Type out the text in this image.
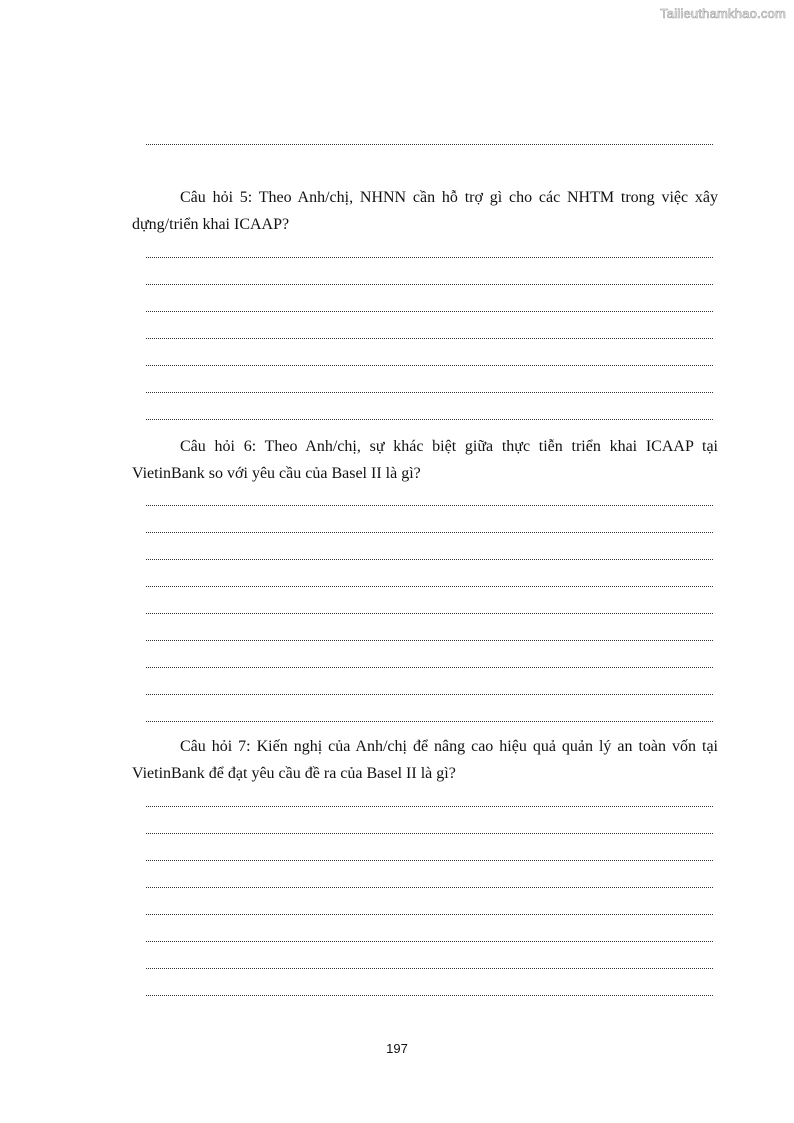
Tailieuthamkhao.com
Câu hỏi 5: Theo Anh/chị, NHNN cần hỗ trợ gì cho các NHTM trong việc xây dựng/triển khai ICAAP?
Câu hỏi 6: Theo Anh/chị, sự khác biệt giữa thực tiễn triển khai ICAAP tại VietinBank so với yêu cầu của Basel II là gì?
Câu hỏi 7: Kiến nghị của Anh/chị để nâng cao hiệu quả quản lý an toàn vốn tại VietinBank để đạt yêu cầu đề ra của Basel II là gì?
197
